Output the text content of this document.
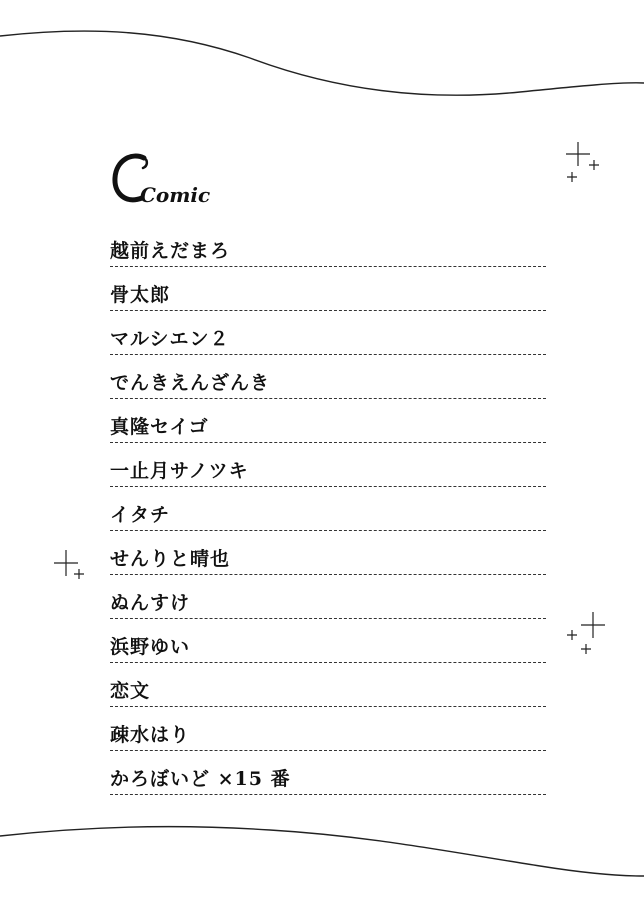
Comic
越前えだまろ
骨太郎
マルシエン２
でんきえんざんき
真隆セイゴ
一止月サノツキ
イタチ
せんりと晴也
ぬんすけ
浜野ゆい
恋文
疎水はり
かろぼいど ×15 番
